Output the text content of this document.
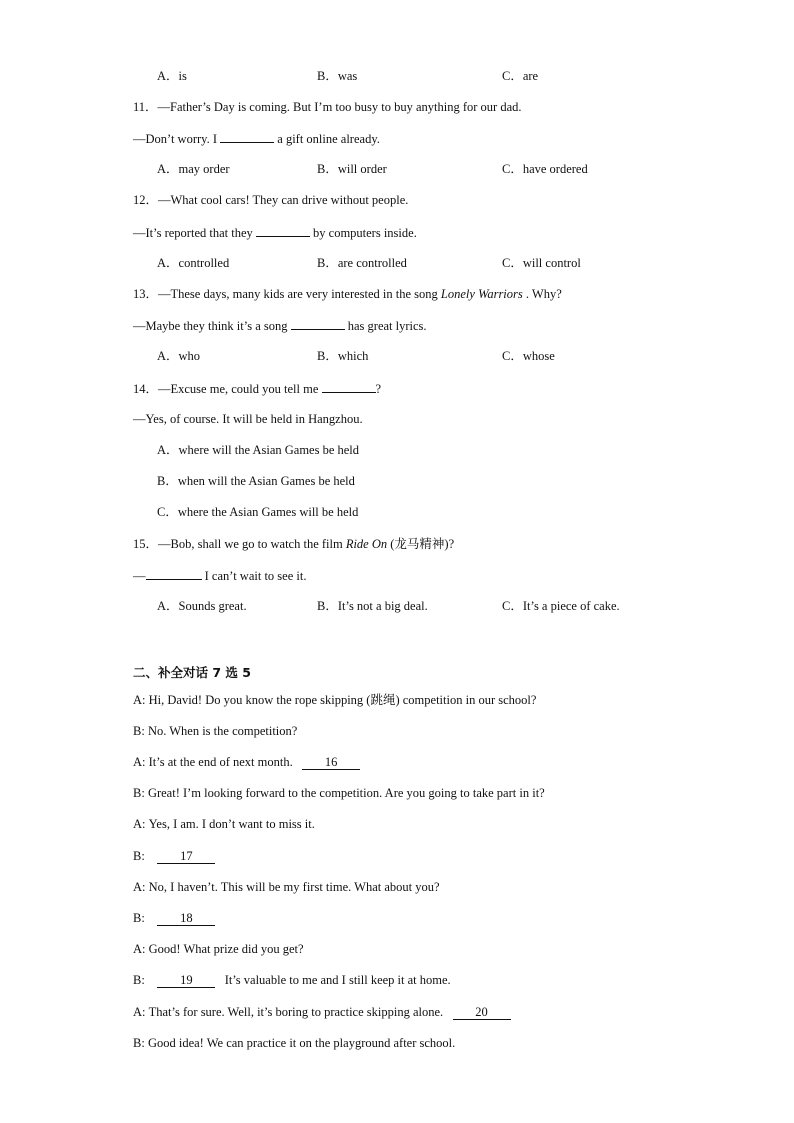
A．is	B．was	C．are
11．—Father’s Day is coming. But I’m too busy to buy anything for our dad.
—Don’t worry. I	a gift online already.
A．may order	B．will order	C．have ordered
12．—What cool cars! They can drive without people.
—It’s reported that they	by computers inside.
A．controlled	B．are controlled	C．will control
13．—These days, many kids are very interested in the song Lonely Warriors . Why?
—Maybe they think it’s a song	has great lyrics.
A．who	B．which	C．whose
14．—Excuse me, could you tell me	?
—Yes, of course. It will be held in Hangzhou.
A．where will the Asian Games be held
B．when will the Asian Games be held
C．where the Asian Games will be held
15．—Bob, shall we go to watch the film Ride On (龙马精神)?
—	I can’t wait to see it.
A．Sounds great.	B．It’s not a big deal.	C．It’s a piece of cake.
二、补全对话 7 选 5
A: Hi, David! Do you know the rope skipping (跳绳) competition in our school?
B: No. When is the competition?
A: It’s at the end of next month.	16
B: Great! I’m looking forward to the competition. Are you going to take part in it?
A: Yes, I am. I don’t want to miss it.
B:	17
A: No, I haven’t. This will be my first time. What about you?
B:	18
A: Good! What prize did you get?
B:	19	It’s valuable to me and I still keep it at home.
A: That’s for sure. Well, it’s boring to practice skipping alone.	20
B: Good idea! We can practice it on the playground after school.
